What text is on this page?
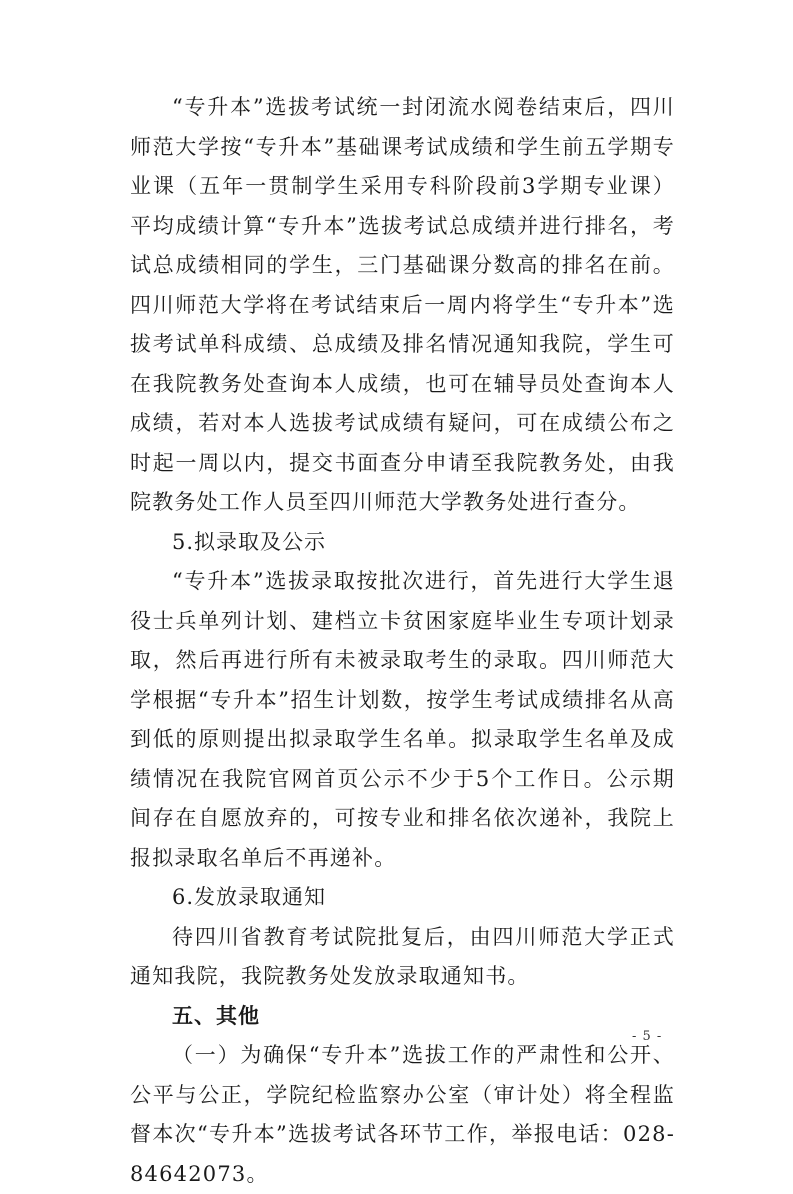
“专升本”选拔考试统一封闭流水阅卷结束后，四川师范大学按“专升本”基础课考试成绩和学生前五学期专业课（五年一贯制学生采用专科阶段前3学期专业课）平均成绩计算“专升本”选拔考试总成绩并进行排名，考试总成绩相同的学生，三门基础课分数高的排名在前。四川师范大学将在考试结束后一周内将学生“专升本”选拔考试单科成绩、总成绩及排名情况通知我院，学生可在我院教务处查询本人成绩，也可在辅导员处查询本人成绩，若对本人选拔考试成绩有疑问，可在成绩公布之时起一周以内，提交书面查分申请至我院教务处，由我院教务处工作人员至四川师范大学教务处进行查分。

5.拟录取及公示

“专升本”选拔录取按批次进行，首先进行大学生退役士兵单列计划、建档立卡贫困家庭毕业生专项计划录取，然后再进行所有未被录取考生的录取。四川师范大学根据“专升本”招生计划数，按学生考试成绩排名从高到低的原则提出拟录取学生名单。拟录取学生名单及成绩情况在我院官网首页公示不少于5个工作日。公示期间存在自愿放弃的，可按专业和排名依次递补，我院上报拟录取名单后不再递补。

6.发放录取通知

待四川省教育考试院批复后，由四川师范大学正式通知我院，我院教务处发放录取通知书。

五、其他

（一）为确保“专升本”选拔工作的严肃性和公开、公平与公正，学院纪检监察办公室（审计处）将全程监督本次“专升本”选拔考试各环节工作，举报电话：028-84642073。

- 5 -
